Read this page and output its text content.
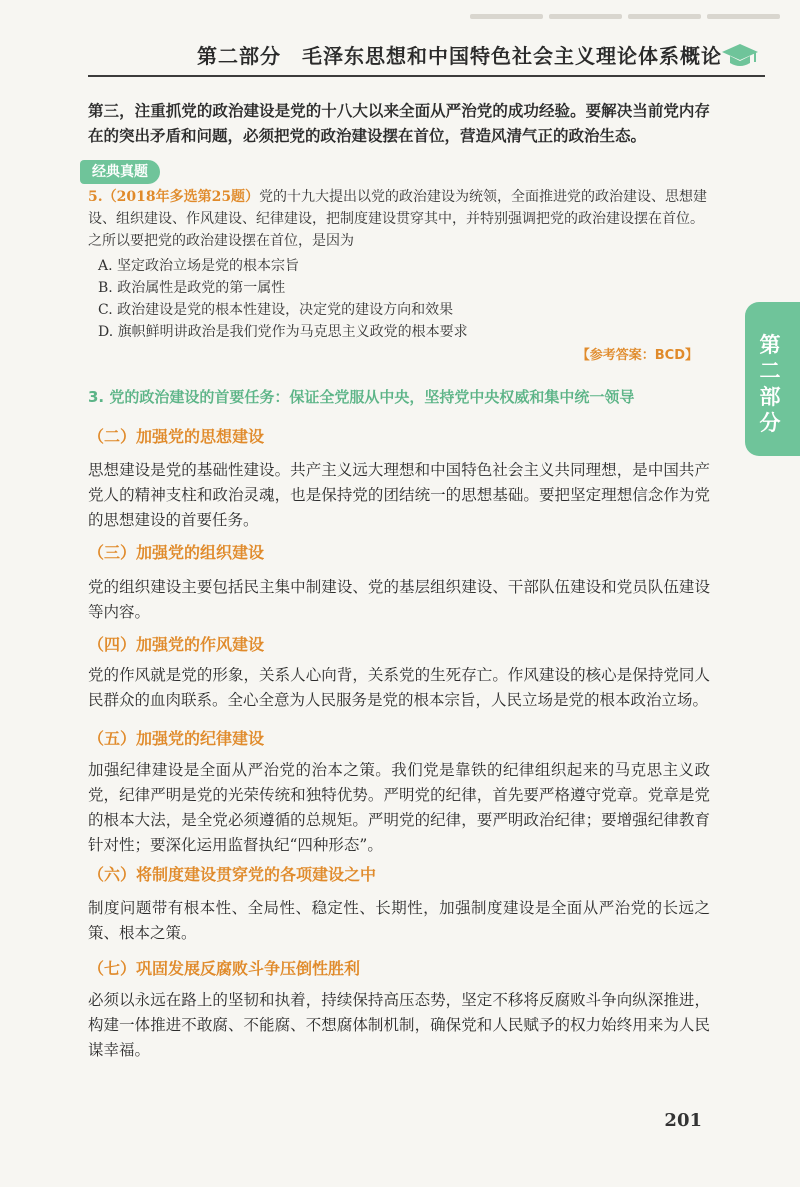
第二部分　毛泽东思想和中国特色社会主义理论体系概论
第二部分
第三，注重抓党的政治建设是党的十八大以来全面从严治党的成功经验。要解决当前党内存在的突出矛盾和问题，必须把党的政治建设摆在首位，营造风清气正的政治生态。
经典真题
5.（2018年多选第25题）党的十九大提出以党的政治建设为统领，全面推进党的政治建设、思想建设、组织建设、作风建设、纪律建设，把制度建设贯穿其中，并特别强调把党的政治建设摆在首位。之所以要把党的政治建设摆在首位，是因为
A. 坚定政治立场是党的根本宗旨
B. 政治属性是政党的第一属性
C. 政治建设是党的根本性建设，决定党的建设方向和效果
D. 旗帜鲜明讲政治是我们党作为马克思主义政党的根本要求
【参考答案：BCD】
3. 党的政治建设的首要任务：保证全党服从中央，坚持党中央权威和集中统一领导
（二）加强党的思想建设
思想建设是党的基础性建设。共产主义远大理想和中国特色社会主义共同理想，是中国共产党人的精神支柱和政治灵魂，也是保持党的团结统一的思想基础。要把坚定理想信念作为党的思想建设的首要任务。
（三）加强党的组织建设
党的组织建设主要包括民主集中制建设、党的基层组织建设、干部队伍建设和党员队伍建设等内容。
（四）加强党的作风建设
党的作风就是党的形象，关系人心向背，关系党的生死存亡。作风建设的核心是保持党同人民群众的血肉联系。全心全意为人民服务是党的根本宗旨，人民立场是党的根本政治立场。
（五）加强党的纪律建设
加强纪律建设是全面从严治党的治本之策。我们党是靠铁的纪律组织起来的马克思主义政党，纪律严明是党的光荣传统和独特优势。严明党的纪律，首先要严格遵守党章。党章是党的根本大法，是全党必须遵循的总规矩。严明党的纪律，要严明政治纪律；要增强纪律教育针对性；要深化运用监督执纪“四种形态”。
（六）将制度建设贯穿党的各项建设之中
制度问题带有根本性、全局性、稳定性、长期性，加强制度建设是全面从严治党的长远之策、根本之策。
（七）巩固发展反腐败斗争压倒性胜利
必须以永远在路上的坚韧和执着，持续保持高压态势，坚定不移将反腐败斗争向纵深推进，构建一体推进不敢腐、不能腐、不想腐体制机制，确保党和人民赋予的权力始终用来为人民谋幸福。
201
